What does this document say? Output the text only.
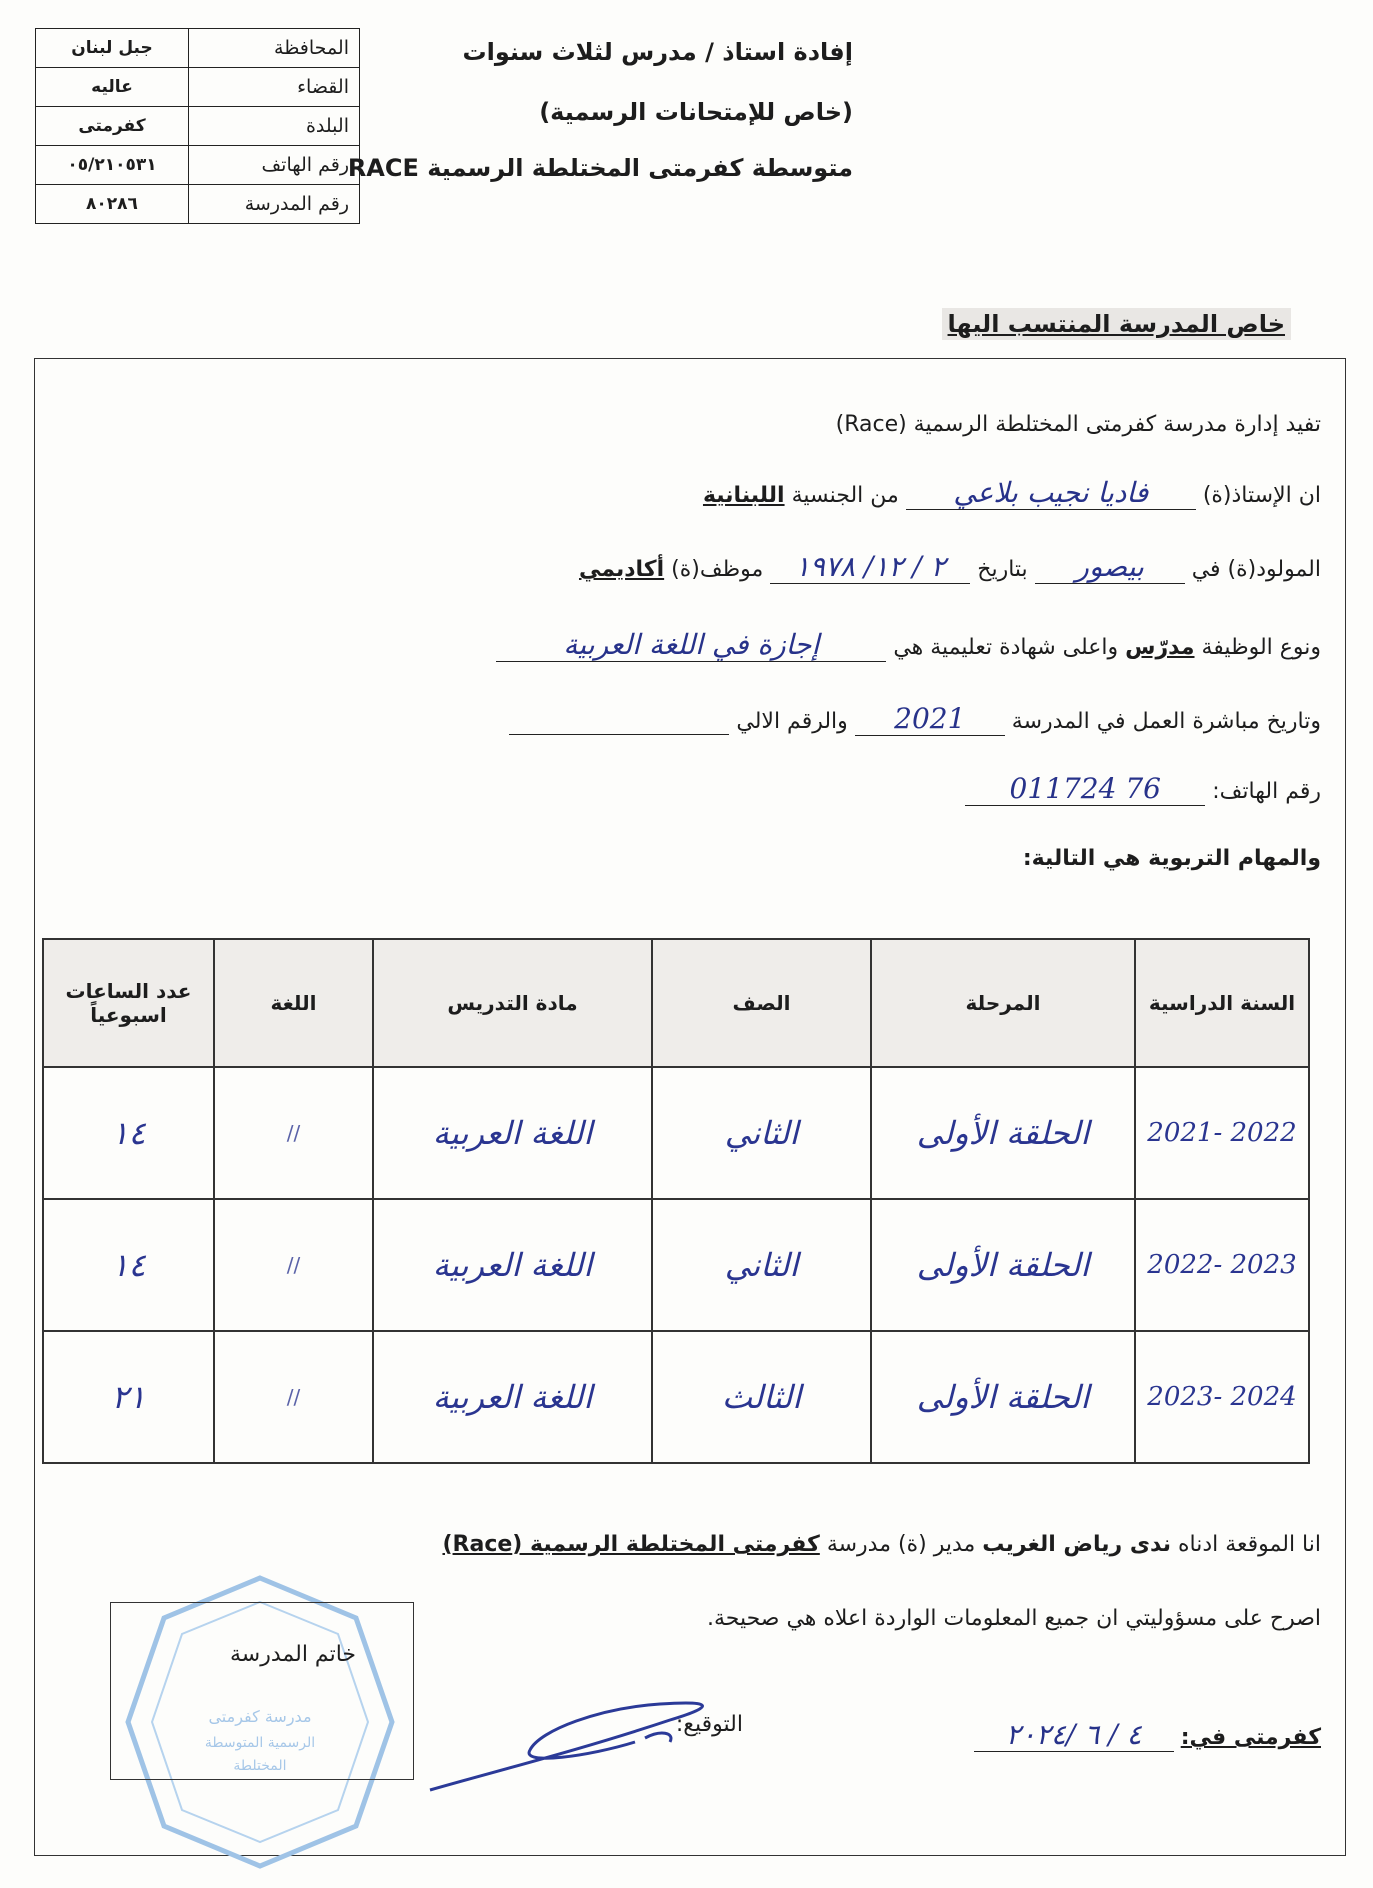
المحافظة	جبل لبنان
القضاء	عاليه
البلدة	كفرمتى
رقم الهاتف	٠٥/٢١٠٥٣١
رقم المدرسة	٨٠٢٨٦
إفادة استاذ / مدرس لثلاث سنوات
(خاص للإمتحانات الرسمية)
متوسطة كفرمتى المختلطة الرسمية RACE
خاص المدرسة المنتسب اليها
تفيد إدارة مدرسة كفرمتى المختلطة الرسمية (Race)
ان الإستاذ(ة) فاديا نجيب بلاعي من الجنسية اللبنانية
المولود(ة) في بيصور بتاريخ ٢ / ١٢/ ١٩٧٨ موظف(ة) أكاديمي
ونوع الوظيفة مدرّس واعلى شهادة تعليمية هي إجازة في اللغة العربية
وتاريخ مباشرة العمل في المدرسة 2021 والرقم الالي
رقم الهاتف: 76 011724
والمهام التربوية هي التالية:
السنة الدراسية	المرحلة	الصف	مادة التدريس	اللغة	عدد الساعات اسبوعياً
2021- 2022	الحلقة الأولى	الثاني	اللغة العربية	//	١٤
2022- 2023	الحلقة الأولى	الثاني	اللغة العربية	//	١٤
2023- 2024	الحلقة الأولى	الثالث	اللغة العربية	//	٢١
انا الموقعة ادناه ندى رياض الغريب مدير (ة) مدرسة كفرمتى المختلطة الرسمية (Race)
اصرح على مسؤوليتي ان جميع المعلومات الواردة اعلاه هي صحيحة.
كفرمتى في: ٤ / ٦ /٢٠٢٤
التوقيع:
مدرسة كفرمتى
الرسمية المتوسطة
المختلطة
خاتم المدرسة
